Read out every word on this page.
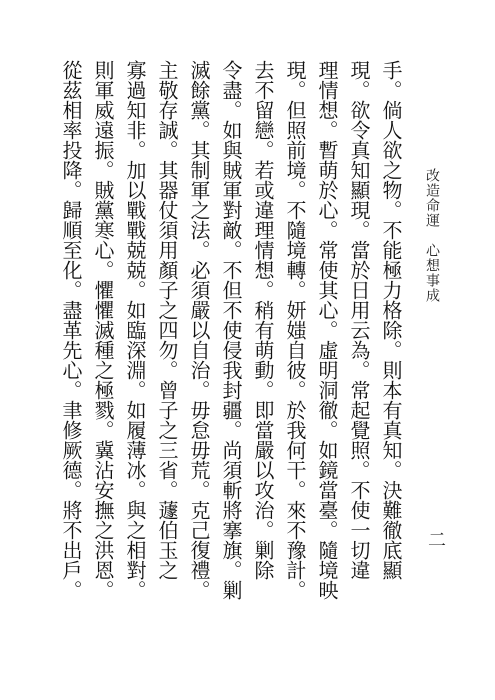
改造命運　心想事成
二
手。倘人欲之物。不能極力格除。則本有真知。決難徹底顯
現。欲令真知顯現。當於日用云為。常起覺照。不使一切違
理情想。暫萌於心。常使其心。虛明洞徹。如鏡當臺。隨境映
現。但照前境。不隨境轉。妍媸自彼。於我何干。來不豫計。
去不留戀。若或違理情想。稍有萌動。即當嚴以攻治。剿除
令盡。如與賊軍對敵。不但不使侵我封疆。尚須斬將搴旗。剿
滅餘黨。其制軍之法。必須嚴以自治。毋怠毋荒。克己復禮。
主敬存誠。其器仗須用顏子之四勿。曾子之三省。蘧伯玉之
寡過知非。加以戰戰兢兢。如臨深淵。如履薄冰。與之相對。
則軍威遠振。賊黨寒心。懼懼滅種之極戮。冀沾安撫之洪恩。
從茲相率投降。歸順至化。盡革先心。聿修厥德。將不出戶。
